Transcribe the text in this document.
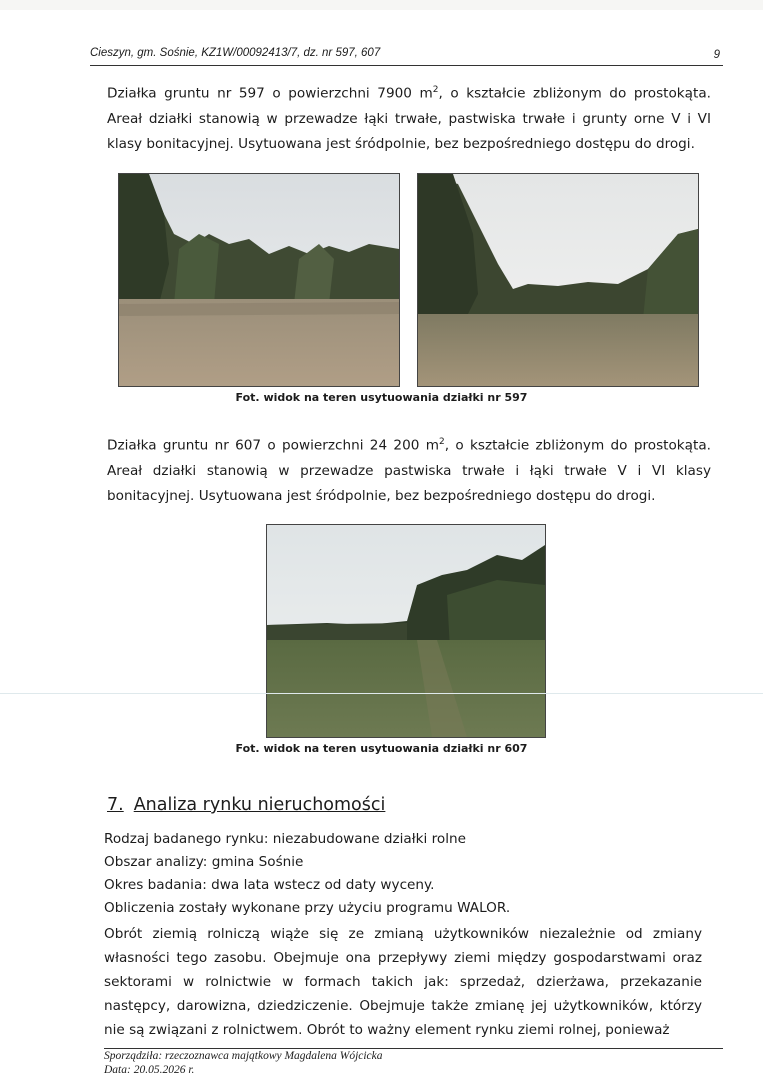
Cieszyn, gm. Sośnie, KZ1W/00092413/7, dz. nr 597, 607	9

Działka gruntu nr 597 o powierzchni 7900 $m^2$, o kształcie zbliżonym do prostokąta. Areał działki stanowią w przewadze łąki trwałe, pastwiska trwałe i grunty orne V i VI klasy bonitacyjnej. Usytuowana jest śródpolnie, bez bezpośredniego dostępu do drogi.

Fot. widok na teren usytuowania działki nr 597

Działka gruntu nr 607 o powierzchni 24 200 $m^2$, o kształcie zbliżonym do prostokąta. Areał działki stanowią w przewadze pastwiska trwałe i łąki trwałe V i VI klasy bonitacyjnej. Usytuowana jest śródpolnie, bez bezpośredniego dostępu do drogi.

Fot. widok na teren usytuowania działki nr 607
7. Analiza rynku nieruchomości
Rodzaj badanego rynku: niezabudowane działki rolne
Obszar analizy: gmina Sośnie
Okres badania: dwa lata wstecz od daty wyceny.
Obliczenia zostały wykonane przy użyciu programu WALOR.

Obrót ziemią rolniczą wiąże się ze zmianą użytkowników niezależnie od zmiany własności tego zasobu. Obejmuje ona przepływy ziemi między gospodarstwami oraz sektorami w rolnictwie w formach takich jak: sprzedaż, dzierżawa, przekazanie następcy, darowizna, dziedziczenie. Obejmuje także zmianę jej użytkowników, którzy nie są związani z rolnictwem. Obrót to ważny element rynku ziemi rolnej, ponieważ

Sporządziła: rzeczoznawca majątkowy Magdalena Wójcicka
Data: 20.05.2026 r.
